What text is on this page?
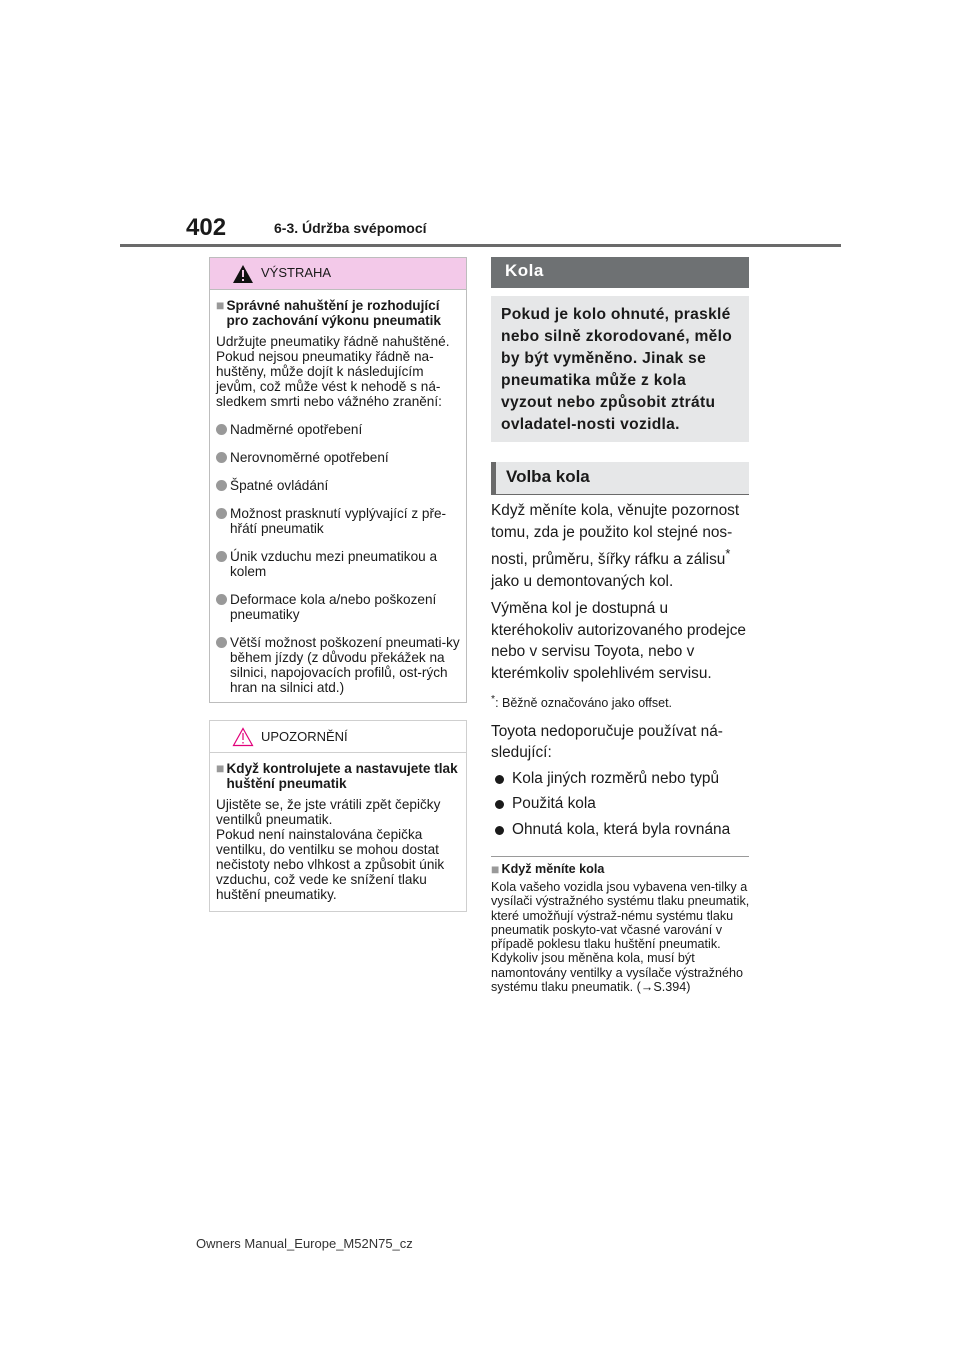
402	6-3. Údržba svépomocí
VÝSTRAHA
■ Správné nahuštění je rozhodující pro zachování výkonu pneumatik
Udržujte pneumatiky řádně nahuštěné. Pokud nejsou pneumatiky řádně na-huštěny, může dojít k následujícím jevům, což může vést k nehodě s ná-sledkem smrti nebo vážného zranění:
Nadměrné opotřebení
Nerovnoměrné opotřebení
Špatné ovládání
Možnost prasknutí vyplývající z pře-hřátí pneumatik
Únik vzduchu mezi pneumatikou a kolem
Deformace kola a/nebo poškození pneumatiky
Větší možnost poškození pneumati-ky během jízdy (z důvodu překážek na silnici, napojovacích profilů, ost-rých hran na silnici atd.)
UPOZORNĚNÍ
■ Když kontrolujete a nastavujete tlak huštění pneumatik
Ujistěte se, že jste vrátili zpět čepičky ventilků pneumatik.
Pokud není nainstalována čepička ventilku, do ventilku se mohou dostat nečistoty nebo vlhkost a způsobit únik vzduchu, což vede ke snížení tlaku huštění pneumatiky.
Kola
Pokud je kolo ohnuté, prasklé nebo silně zkorodované, mělo by být vyměněno. Jinak se pneumatika může z kola vyzout nebo způsobit ztrátu ovladatel-nosti vozidla.
Volba kola

Když měníte kola, věnujte pozornost tomu, zda je použito kol stejné nos-nosti, průměru, šířky ráfku a zálisu*
jako u demontovaných kol.

Výměna kol je dostupná u kteréhokoliv autorizovaného prodejce nebo v servisu Toyota, nebo v kterémkoliv spolehlivém servisu.

*: Běžně označováno jako offset.

Toyota nedoporučuje používat ná-sledující:

Kola jiných rozměrů nebo typů
Použitá kola
Ohnutá kola, která byla rovnána
■ Když měníte kola
Kola vašeho vozidla jsou vybavena ven-tilky a vysílači výstražného systému tlaku pneumatik, které umožňují výstraž-nému systému tlaku pneumatik poskyto-vat včasné varování v případě poklesu tlaku huštění pneumatik. Kdykoliv jsou měněna kola, musí být namontovány ventilky a vysílače výstražného systému tlaku pneumatik. (→S.394)
Owners Manual_Europe_M52N75_cz
